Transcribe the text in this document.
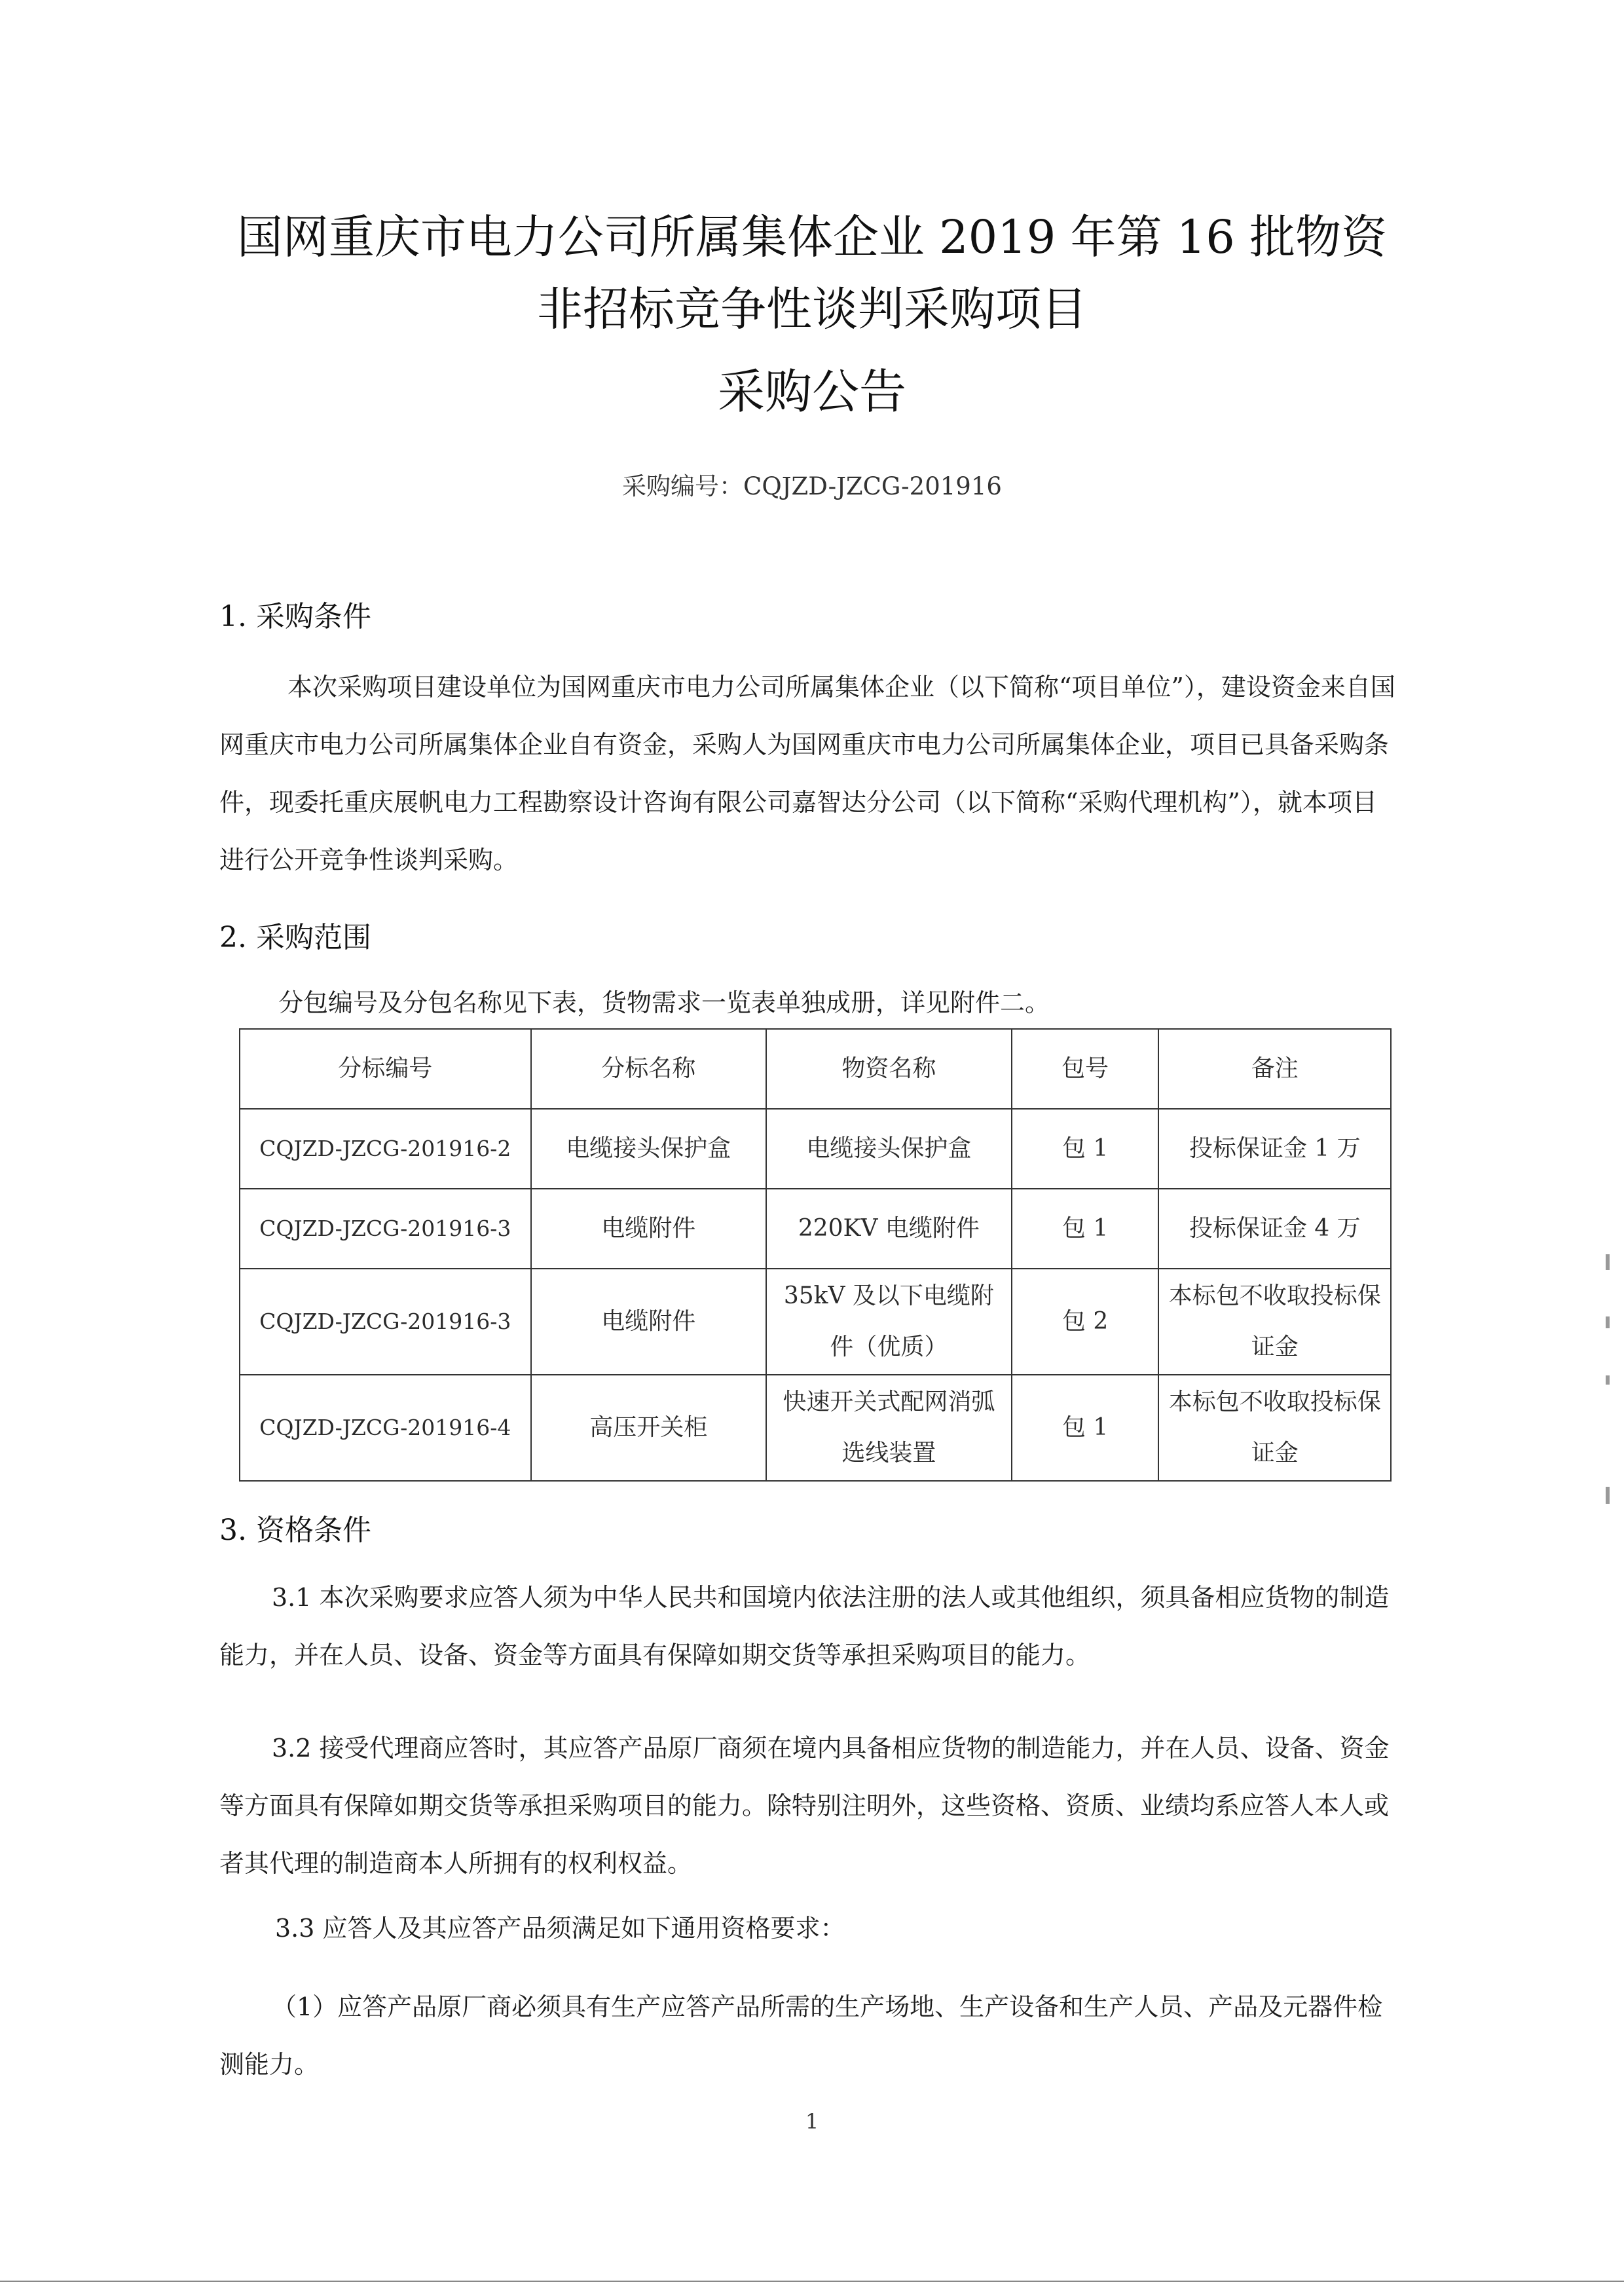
国网重庆市电力公司所属集体企业 2019 年第 16 批物资
非招标竞争性谈判采购项目
采购公告
采购编号：CQJZD-JZCG-201916
1. 采购条件
本次采购项目建设单位为国网重庆市电力公司所属集体企业（以下简称“项目单位”），建设资金来自国网重庆市电力公司所属集体企业自有资金，采购人为国网重庆市电力公司所属集体企业，项目已具备采购条件，现委托重庆展帆电力工程勘察设计咨询有限公司嘉智达分公司（以下简称“采购代理机构”），就本项目进行公开竞争性谈判采购。
2. 采购范围
分包编号及分包名称见下表，货物需求一览表单独成册，详见附件二。
分标编号	分标名称	物资名称	包号	备注
CQJZD-JZCG-201916-2	电缆接头保护盒	电缆接头保护盒	包 1	投标保证金 1 万
CQJZD-JZCG-201916-3	电缆附件	220KV 电缆附件	包 1	投标保证金 4 万
CQJZD-JZCG-201916-3	电缆附件	35kV 及以下电缆附件（优质）	包 2	本标包不收取投标保证金
CQJZD-JZCG-201916-4	高压开关柜	快速开关式配网消弧选线装置	包 1	本标包不收取投标保证金
3. 资格条件
3.1 本次采购要求应答人须为中华人民共和国境内依法注册的法人或其他组织，须具备相应货物的制造能力，并在人员、设备、资金等方面具有保障如期交货等承担采购项目的能力。
3.2 接受代理商应答时，其应答产品原厂商须在境内具备相应货物的制造能力，并在人员、设备、资金等方面具有保障如期交货等承担采购项目的能力。除特别注明外，这些资格、资质、业绩均系应答人本人或者其代理的制造商本人所拥有的权利权益。
3.3 应答人及其应答产品须满足如下通用资格要求：
（1）应答产品原厂商必须具有生产应答产品所需的生产场地、生产设备和生产人员、产品及元器件检测能力。
1
